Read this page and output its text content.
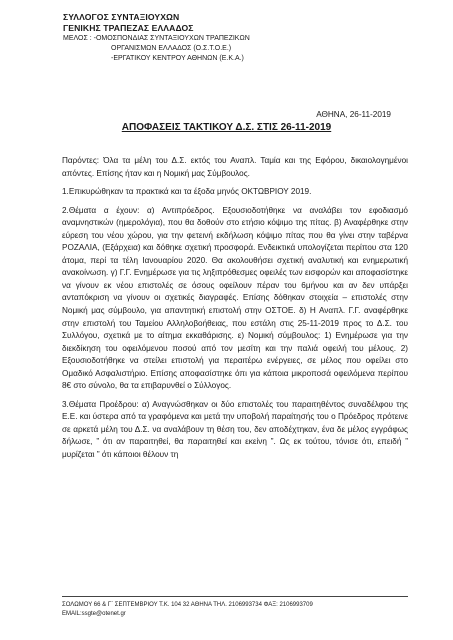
ΣΥΛΛΟΓΟΣ ΣΥΝΤΑΞΙΟΥΧΩΝ
ΓΕΝΙΚΗΣ ΤΡΑΠΕΖΑΣ ΕΛΛΑΔΟΣ
ΜΕΛΟΣ : -ΟΜΟΣΠΟΝΔΙΑΣ ΣΥΝΤΑΞΙΟΥΧΩΝ ΤΡΑΠΕΖΙΚΩΝ
ΟΡΓΑΝΙΣΜΩΝ ΕΛΛΑΔΟΣ (Ο.Σ.Τ.Ο.Ε.)
-ΕΡΓΑΤΙΚΟΥ ΚΕΝΤΡΟΥ ΑΘΗΝΩΝ (Ε.Κ.Α.)
ΑΘΗΝΑ, 26-11-2019
ΑΠΟΦΑΣΕΙΣ ΤΑΚΤΙΚΟΥ Δ.Σ. ΣΤΙΣ 26-11-2019

Παρόντες: Όλα τα μέλη του Δ.Σ. εκτός του Αναπλ. Ταμία και της Εφόρου, δικαιολογημένοι απόντες. Επίσης ήταν και η Νομική μας Σύμβουλος.

1.Επικυρώθηκαν τα πρακτικά και τα έξοδα μηνός ΟΚΤΩΒΡΙΟΥ 2019.

2.Θέματα α έχουν: α) Αντιπρόεδρος. Εξουσιοδοτήθηκε να αναλάβει τον εφοδιασμό αναμνηστικών (ημερολόγια), που θα δοθούν στο ετήσιο κόψιμο της πίτας. β) Αναφέρθηκε στην εύρεση του νέου χώρου, για την φετεινή εκδήλωση κόψιμο πίτας που θα γίνει στην ταβέρνα ΡΟΖΑΛΙΑ, (Εξάρχεια) και δόθηκε σχετική προσφορά. Ενδεικτικά υπολογίζεται περίπου στα 120 άτομα, περί τα τέλη Ιανουαρίου 2020. Θα ακολουθήσει σχετική αναλυτική και ενημερωτική ανακοίνωση. γ) Γ.Γ. Ενημέρωσε για τις ληξιπρόθεσμες οφειλές των εισφορών και αποφασίστηκε να γίνουν εκ νέου επιστολές σε όσους οφείλουν πέραν του 6μήνου και αν δεν υπάρξει ανταπόκριση να γίνουν οι σχετικές διαγραφές. Επίσης δόθηκαν στοιχεία – επιστολές στην Νομική μας σύμβουλο, για απαντητική επιστολή στην ΟΣΤΟΕ. δ) Η Αναπλ. Γ.Γ. αναφέρθηκε στην επιστολή του Ταμείου Αλληλοβοήθειας, που εστάλη στις 25-11-2019 προς το Δ.Σ. του Συλλόγου, σχετικά με το αίτημα εκκαθάρισης. ε) Νομική σύμβουλος: 1) Ενημέρωσε για την διεκδίκηση του οφειλόμενου ποσού από τον μεσίτη και την παλιά οφειλή του μέλους. 2) Εξουσιοδοτήθηκε να στείλει επιστολή για περαιτέρω ενέργειες, σε μέλος που οφείλει στο Ομαδικό Ασφαλιστήριο. Επίσης αποφασίστηκε όπι για κάποια μικροποσά οφειλόμενα περίπου 8€ στο σύνολο, θα τα επιβαρυνθεί ο Σύλλογος.

3.Θέματα Προέδρου: α) Αναγνώσθηκαν οι δύο επιστολές του παραιτηθέντος συναδέλφου της Ε.Ε. και ύστερα από τα γραφόμενα και μετά την υποβολή παραίτησής του ο Πρόεδρος πρότεινε σε αρκετά μέλη του Δ.Σ. να αναλάβουν τη θέση του, δεν αποδέχτηκαν, ένα δε μέλος εγγράφως δήλωσε, ” ότι αν παραιτηθεί, θα παραιτηθεί και εκείνη ”. Ως εκ τούτου, τόνισε ότι, επειδή ” μυρίζεται ” ότι κάποιοι θέλουν τη

ΣΟΛΩΜΟΥ 66 & Γ΄ ΣΕΠΤΕΜΒΡΙΟΥ Τ.Κ. 104 32 ΑΘΗΝΑ ΤΗΛ. 2106993734 ΦΑΞ: 2106993709
EMAIL:ssgte@otenet.gr
